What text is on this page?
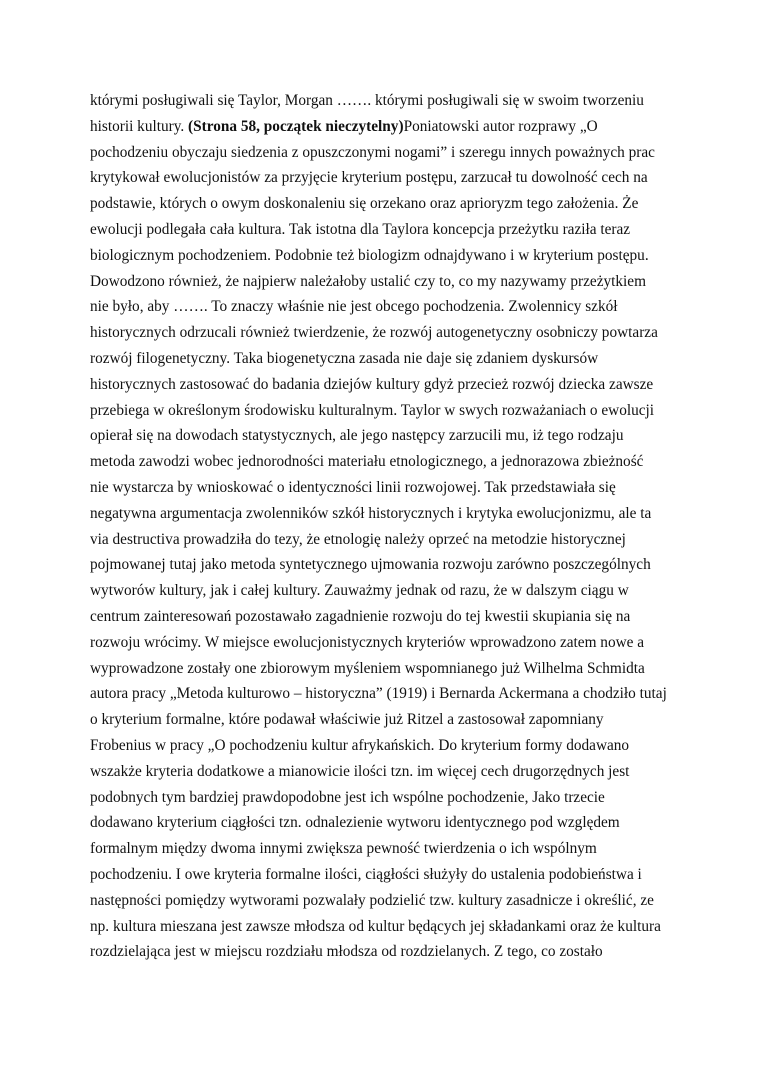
którymi posługiwali się Taylor, Morgan ……. którymi posługiwali się w swoim tworzeniu
historii kultury. (Strona 58, początek nieczytelny)Poniatowski autor rozprawy „O
pochodzeniu obyczaju siedzenia z opuszczonymi nogami” i szeregu innych poważnych prac
krytykował ewolucjonistów za przyjęcie kryterium postępu, zarzucał tu dowolność cech na
podstawie, których o owym doskonaleniu się orzekano oraz aprioryzm tego założenia. Że
ewolucji podlegała cała kultura. Tak istotna dla Taylora koncepcja przeżytku raziła teraz
biologicznym pochodzeniem. Podobnie też biologizm odnajdywano i w kryterium postępu.
Dowodzono również, że najpierw należałoby ustalić czy to, co my nazywamy przeżytkiem
nie było, aby ……. To znaczy właśnie nie jest obcego pochodzenia. Zwolennicy szkół
historycznych odrzucali również twierdzenie, że rozwój autogenetyczny osobniczy powtarza
rozwój filogenetyczny. Taka biogenetyczna zasada nie daje się zdaniem dyskursów
historycznych zastosować do badania dziejów kultury gdyż przecież rozwój dziecka zawsze
przebiega w określonym środowisku kulturalnym. Taylor w swych rozważaniach o ewolucji
opierał się na dowodach statystycznych, ale jego następcy zarzucili mu, iż tego rodzaju
metoda zawodzi wobec jednorodności materiału etnologicznego, a jednorazowa zbieżność
nie wystarcza by wnioskować o identyczności linii rozwojowej. Tak przedstawiała się
negatywna argumentacja zwolenników szkół historycznych i krytyka ewolucjonizmu, ale ta
via destructiva prowadziła do tezy, że etnologię należy oprzeć na metodzie historycznej
pojmowanej tutaj jako metoda syntetycznego ujmowania rozwoju zarówno poszczególnych
wytworów kultury, jak i całej kultury. Zauważmy jednak od razu, że w dalszym ciągu w
centrum zainteresowań pozostawało zagadnienie rozwoju do tej kwestii skupiania się na
rozwoju wrócimy. W miejsce ewolucjonistycznych kryteriów wprowadzono zatem nowe a
wyprowadzone zostały one zbiorowym myśleniem wspomnianego już Wilhelma Schmidta
autora pracy „Metoda kulturowo – historyczna” (1919) i Bernarda Ackermana a chodziło tutaj
o kryterium formalne, które podawał właściwie już Ritzel a zastosował zapomniany
Frobenius w pracy „O pochodzeniu kultur afrykańskich. Do kryterium formy dodawano
wszakże kryteria dodatkowe a mianowicie ilości tzn. im więcej cech drugorzędnych jest
podobnych tym bardziej prawdopodobne jest ich wspólne pochodzenie, Jako trzecie
dodawano kryterium ciągłości tzn. odnalezienie wytworu identycznego pod względem
formalnym między dwoma innymi zwiększa pewność twierdzenia o ich wspólnym
pochodzeniu. I owe kryteria formalne ilości, ciągłości służyły do ustalenia podobieństwa i
następności pomiędzy wytworami pozwalały podzielić tzw. kultury zasadnicze i określić, ze
np. kultura mieszana jest zawsze młodsza od kultur będących jej składankami oraz że kultura
rozdzielająca jest w miejscu rozdziału młodsza od rozdzielanych. Z tego, co zostało
